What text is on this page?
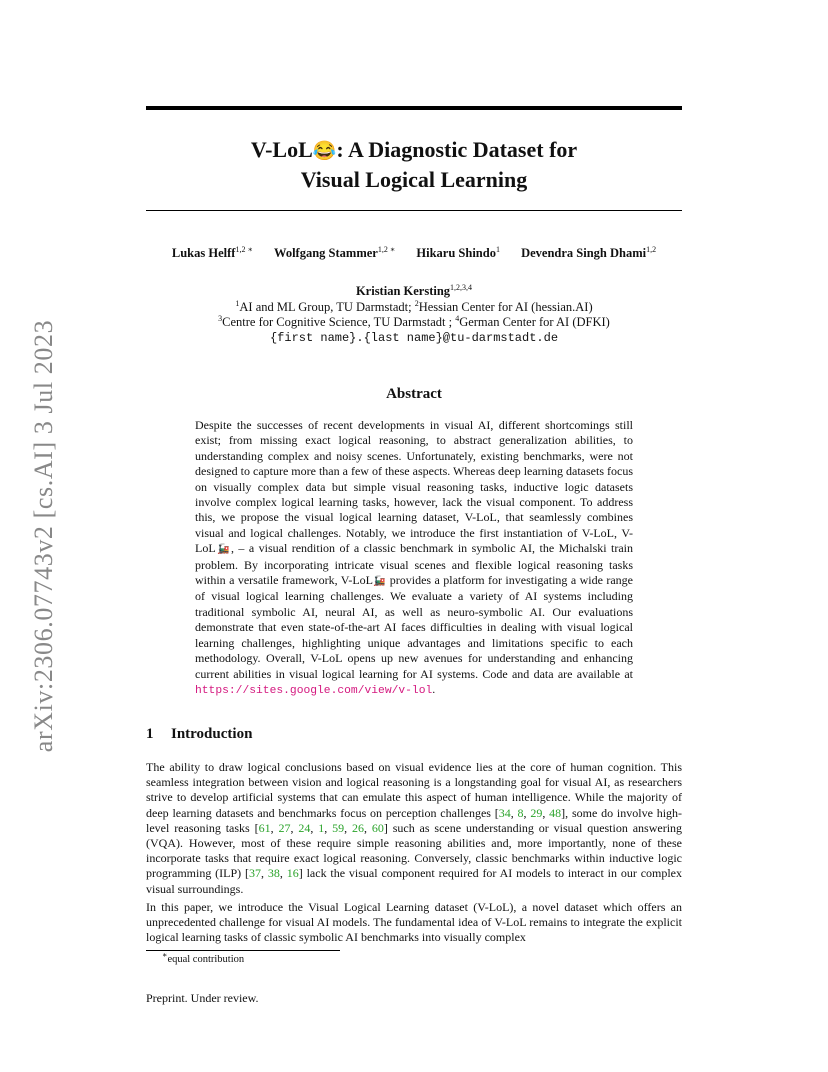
arXiv:2306.07743v2 [cs.AI] 3 Jul 2023
V-LoL😂: A Diagnostic Dataset for
Visual Logical Learning
Lukas Helff$^{1,2 ∗}$ Wolfgang Stammer$^{1,2 ∗}$ Hikaru Shindo$^1$ Devendra Singh Dhami$^{1,2}$
Kristian Kersting$^{1,2,3,4}$
$^1$AI and ML Group, TU Darmstadt; $^2$Hessian Center for AI (hessian.AI)
$^3$Centre for Cognitive Science, TU Darmstadt ; $^4$German Center for AI (DFKI)
{first name}.{last name}@tu-darmstadt.de
Abstract
Despite the successes of recent developments in visual AI, different shortcomings still exist; from missing exact logical reasoning, to abstract generalization abilities, to understanding complex and noisy scenes. Unfortunately, existing benchmarks, were not designed to capture more than a few of these aspects. Whereas deep learning datasets focus on visually complex data but simple visual reasoning tasks, inductive logic datasets involve complex logical learning tasks, however, lack the visual component. To address this, we propose the visual logical learning dataset, V-LoL, that seamlessly combines visual and logical challenges. Notably, we introduce the first instantiation of V-LoL, V-LoL🚂, – a visual rendition of a classic benchmark in symbolic AI, the Michalski train problem. By incorporating intricate visual scenes and flexible logical reasoning tasks within a versatile framework, V-LoL🚂 provides a platform for investigating a wide range of visual logical learning challenges. We evaluate a variety of AI systems including traditional symbolic AI, neural AI, as well as neuro-symbolic AI. Our evaluations demonstrate that even state-of-the-art AI faces difficulties in dealing with visual logical learning challenges, highlighting unique advantages and limitations specific to each methodology. Overall, V-LoL opens up new avenues for understanding and enhancing current abilities in visual logical learning for AI systems. Code and data are available at https://sites.google.com/view/v-lol.
1 Introduction
The ability to draw logical conclusions based on visual evidence lies at the core of human cognition. This seamless integration between vision and logical reasoning is a longstanding goal for visual AI, as researchers strive to develop artificial systems that can emulate this aspect of human intelligence. While the majority of deep learning datasets and benchmarks focus on perception challenges [34, 8, 29, 48], some do involve high-level reasoning tasks [61, 27, 24, 1, 59, 26, 60] such as scene understanding or visual question answering (VQA). However, most of these require simple reasoning abilities and, more importantly, none of these incorporate tasks that require exact logical reasoning. Conversely, classic benchmarks within inductive logic programming (ILP) [37, 38, 16] lack the visual component required for AI models to interact in our complex visual surroundings.
In this paper, we introduce the Visual Logical Learning dataset (V-LoL), a novel dataset which offers an unprecedented challenge for visual AI models. The fundamental idea of V-LoL remains to integrate the explicit logical learning tasks of classic symbolic AI benchmarks into visually complex
∗equal contribution
Preprint. Under review.
